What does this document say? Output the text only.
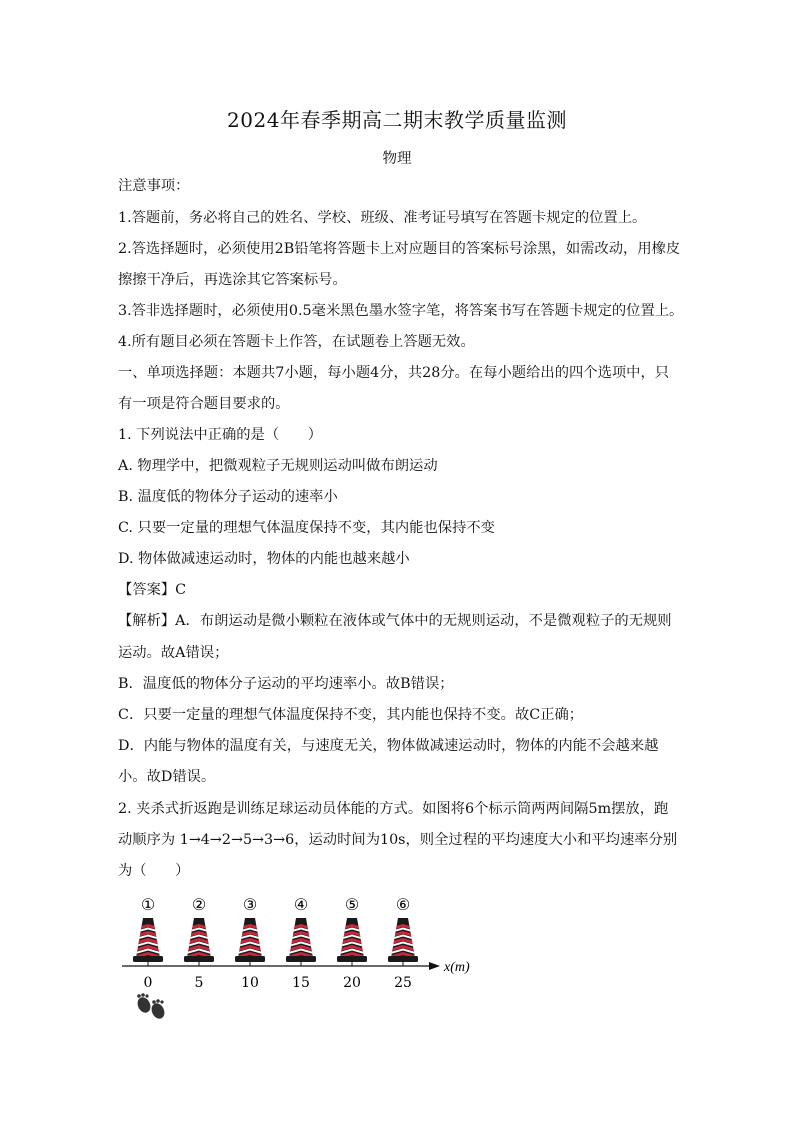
2024年春季期高二期末教学质量监测
物理
注意事项：
1.答题前，务必将自己的姓名、学校、班级、准考证号填写在答题卡规定的位置上。
2.答选择题时，必须使用2B铅笔将答题卡上对应题目的答案标号涂黑，如需改动，用橡皮
擦擦干净后，再选涂其它答案标号。
3.答非选择题时，必须使用0.5毫米黑色墨水签字笔，将答案书写在答题卡规定的位置上。
4.所有题目必须在答题卡上作答，在试题卷上答题无效。
一、单项选择题：本题共7小题，每小题4分，共28分。在每小题给出的四个选项中，只
有一项是符合题目要求的。
1. 下列说法中正确的是（　　）
A. 物理学中，把微观粒子无规则运动叫做布朗运动
B. 温度低的物体分子运动的速率小
C. 只要一定量的理想气体温度保持不变，其内能也保持不变
D. 物体做减速运动时，物体的内能也越来越小
【答案】C
【解析】A．布朗运动是微小颗粒在液体或气体中的无规则运动，不是微观粒子的无规则
运动。故A错误；
B．温度低的物体分子运动的平均速率小。故B错误；
C．只要一定量的理想气体温度保持不变，其内能也保持不变。故C正确；
D．内能与物体的温度有关，与速度无关，物体做减速运动时，物体的内能不会越来越
小。故D错误。
2. 夹杀式折返跑是训练足球运动员体能的方式。如图将6个标示筒两两间隔5m摆放，跑
动顺序为 1→4→2→5→3→6，运动时间为10s，则全过程的平均速度大小和平均速率分别
为（　　）
① ② ③ ④ ⑤ ⑥
x(m)
0	5	10 15 20 25
